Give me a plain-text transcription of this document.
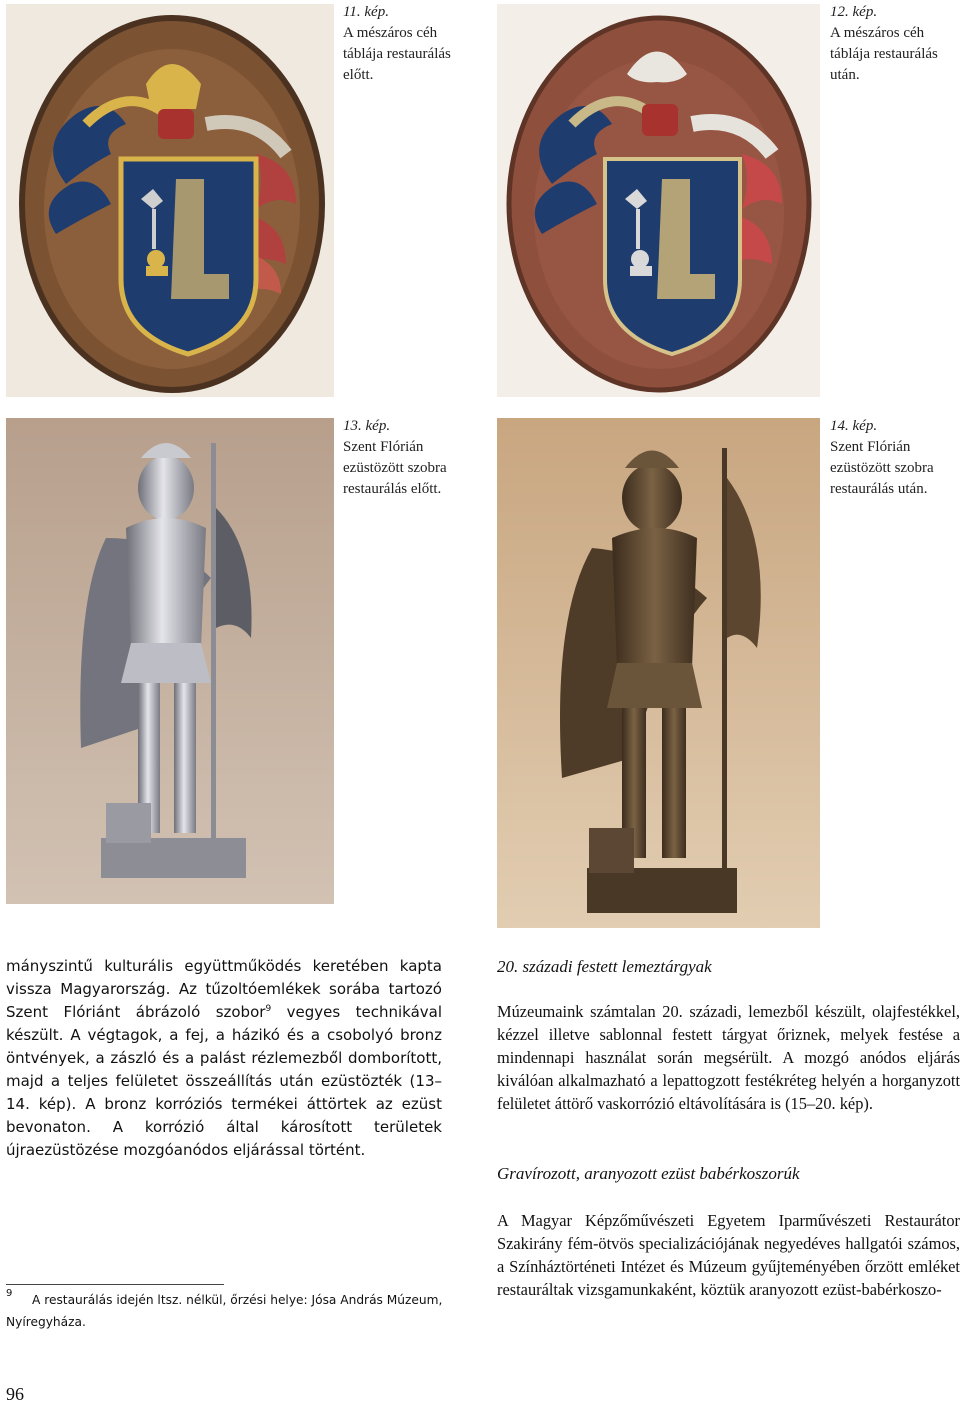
11. kép.
A mészáros céh
táblája restaurálás
előtt.
12. kép.
A mészáros céh
táblája restaurálás
után.
13. kép.
Szent Flórián
ezüstözött szobra
restaurálás előtt.
14. kép.
Szent Flórián
ezüstözött szobra
restaurálás után.
mányszintű kulturális együttműködés keretében kapta vissza Magyarország. Az tűzoltóemlékek sorába tartozó Szent Flóriánt ábrázoló szobor$^9$ vegyes technikával készült. A végtagok, a fej, a házikó és a csobolyó bronz öntvények, a zászló és a palást rézlemezből domborított, majd a teljes felületet összeállítás után ezüstözték (13–14. kép). A bronz korróziós termékei áttörtek az ezüst bevonaton. A korrózió által károsított területek újraezüstözése mozgóanódos eljárással történt.
20. századi festett lemeztárgyak
Múzeumaink számtalan 20. századi, lemezből készült, olajfestékkel, kézzel illetve sablonnal festett tárgyat őriznek, melyek festése a mindennapi használat során megsérült. A mozgó anódos eljárás kiválóan alkalmazható a lepattogzott festékréteg helyén a horganyzott felületet áttörő vaskorrózió eltávolítására is (15–20. kép).
Gravírozott, aranyozott ezüst babérkoszorúk
A Magyar Képzőművészeti Egyetem Iparművészeti Restaurátor Szakirány fém-ötvös specializációjának negyedéves hallgatói számos, a Színháztörténeti Intézet és Múzeum gyűjteményében őrzött emléket restauráltak vizsgamunkaként, köztük aranyozott ezüst-babérkoszo-
9	A restaurálás idején ltsz. nélkül, őrzési helye: Jósa András Múzeum,
Nyíregyháza.
96
